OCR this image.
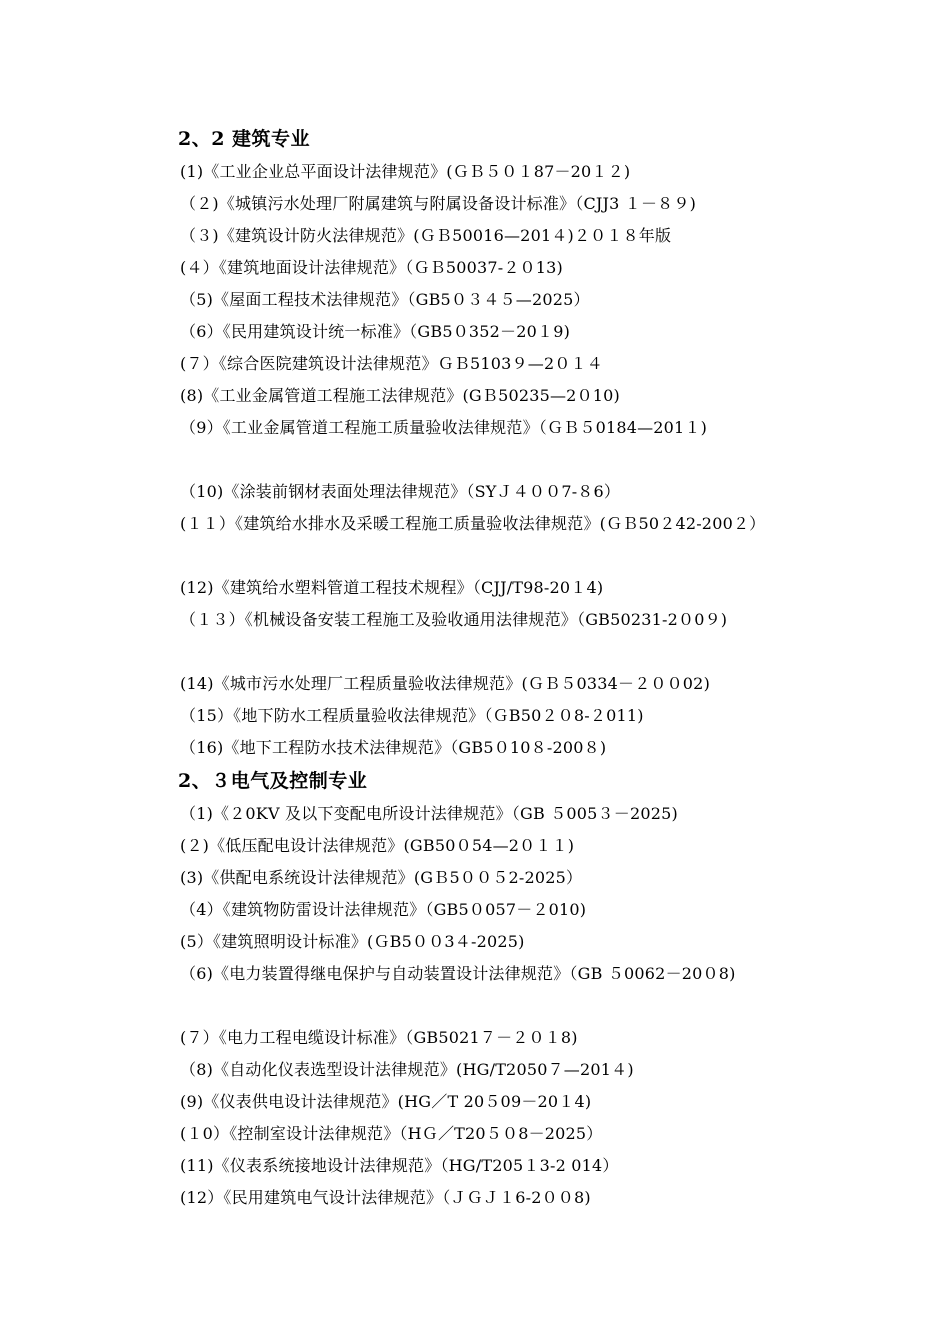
2、2 建筑专业
(1)《工业企业总平面设计法律规范》(ＧＢ５０１87－20１２)
（２)《城镇污水处理厂附属建筑与附属设备设计标准》（CJJ3 １－８９)
（３)《建筑设计防火法律规范》(ＧＢ50016—201４)２０１８年版
(４）《建筑地面设计法律规范》（ＧＢ50037-２０13)
（5)《屋面工程技术法律规范》（GB5０３４５—2025）
（6）《民用建筑设计统一标准》（GB5０352－20１9)
(７）《综合医院建筑设计法律规范》ＧＢ5103９—2０１４
(8)《工业金属管道工程施工法律规范》(GＢ50235—2０10)
（9）《工业金属管道工程施工质量验收法律规范》（ＧＢ５0184—201１)
（10)《涂装前钢材表面处理法律规范》（SYＪ４００7-８6）
(１１）《建筑给水排水及采暖工程施工质量验收法律规范》(ＧＢ50２42-200２）
(12)《建筑给水塑料管道工程技术规程》（CJJ/T98-20１4)
（１３）《机械设备安装工程施工及验收通用法律规范》（GB50231-2０0９)
(14)《城市污水处理厂工程质量验收法律规范》(ＧＢ５0334－２００02)
（15）《地下防水工程质量验收法律规范》（ＧB50２０8-２011)
（16)《地下工程防水技术法律规范》（GB5０10８-200８)
2、３电气及控制专业
（1)《２0KV 及以下变配电所设计法律规范》（GB ５005３－2025)
(２)《低压配电设计法律规范》(GB50０54—2０１１)
(3)《供配电系统设计法律规范》(GＢ5００５2-2025）
（4）《建筑物防雷设计法律规范》（GB5０057－２010)
(5）《建筑照明设计标准》(ＧB5００3４-2025)
（6)《电力装置得继电保护与自动装置设计法律规范》（GB ５0062－20０8)
(７）《电力工程电缆设计标准》（GB5021７－２０１8)
（8)《自动化仪表选型设计法律规范》(HG/T2050７—201４)
(9)《仪表供电设计法律规范》(HG／T 20５09－20１4)
(１0）《控制室设计法律规范》（HＧ／T20５０8－2025）
(11)《仪表系统接地设计法律规范》（HG/T205１3-2 014）
(12）《民用建筑电气设计法律规范》（ＪＧＪ１6-2００8)
